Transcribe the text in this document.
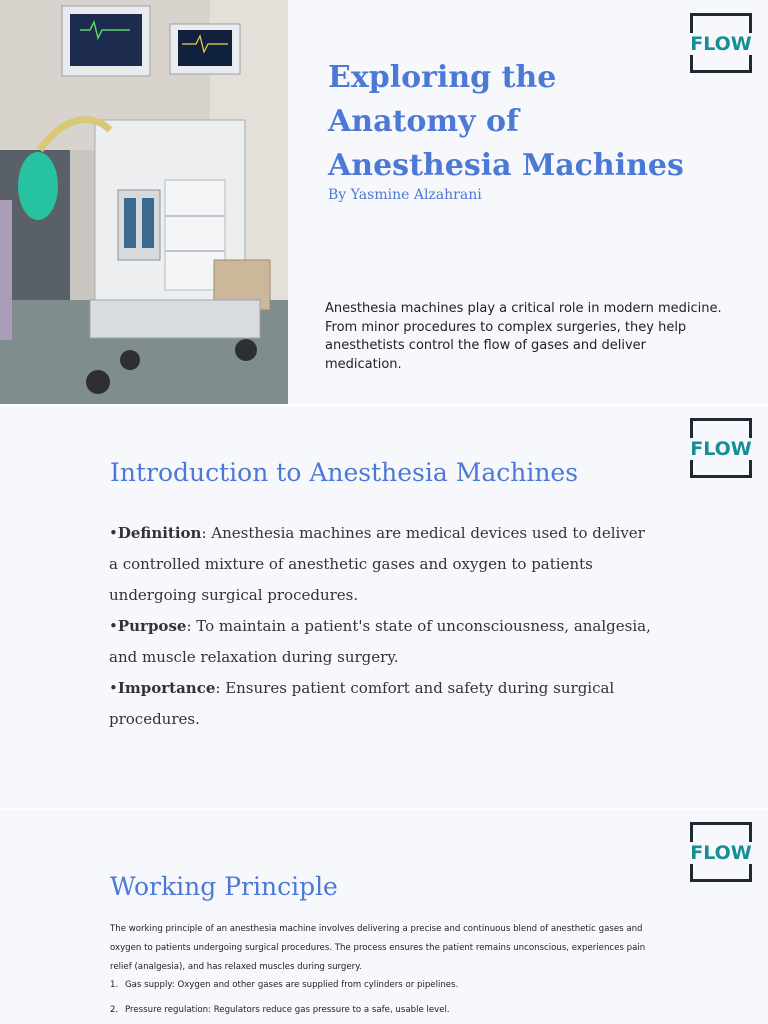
Exploring the
Anatomy of
Anesthesia Machines
By Yasmine Alzahrani

Anesthesia machines play a critical role in modern medicine. From minor procedures to complex surgeries, they help anesthetists control the flow of gases and deliver medication.

FLOW
Introduction to Anesthesia Machines

•Definition: Anesthesia machines are medical devices used to deliver a controlled mixture of anesthetic gases and oxygen to patients undergoing surgical procedures.

•Purpose: To maintain a patient's state of unconsciousness, analgesia, and muscle relaxation during surgery.

•Importance: Ensures patient comfort and safety during surgical procedures.

FLOW
Working Principle

The working principle of an anesthesia machine involves delivering a precise and continuous blend of anesthetic gases and oxygen to patients undergoing surgical procedures. The process ensures the patient remains unconscious, experiences pain relief (analgesia), and has relaxed muscles during surgery.

1. Gas supply: Oxygen and other gases are supplied from cylinders or pipelines.
2. Pressure regulation: Regulators reduce gas pressure to a safe, usable level.
FLOW
